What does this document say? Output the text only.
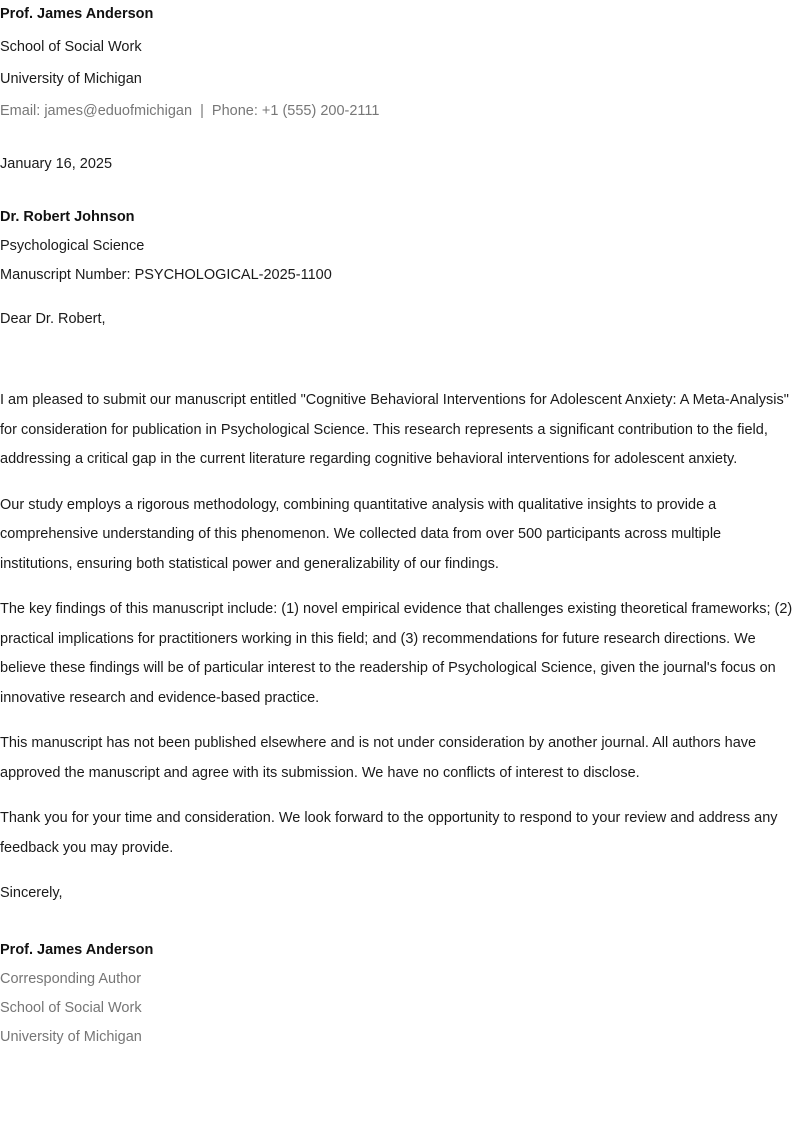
Prof. James Anderson
School of Social Work
University of Michigan
Email: james@eduofmichigan  |  Phone: +1 (555) 200-2111
January 16, 2025
Dr. Robert Johnson
Psychological Science
Manuscript Number: PSYCHOLOGICAL-2025-1100
Dear Dr. Robert,

I am pleased to submit our manuscript entitled "Cognitive Behavioral Interventions for Adolescent Anxiety: A Meta-Analysis" for consideration for publication in Psychological Science. This research represents a significant contribution to the field, addressing a critical gap in the current literature regarding cognitive behavioral interventions for adolescent anxiety.

Our study employs a rigorous methodology, combining quantitative analysis with qualitative insights to provide a comprehensive understanding of this phenomenon. We collected data from over 500 participants across multiple institutions, ensuring both statistical power and generalizability of our findings.

The key findings of this manuscript include: (1) novel empirical evidence that challenges existing theoretical frameworks; (2) practical implications for practitioners working in this field; and (3) recommendations for future research directions. We believe these findings will be of particular interest to the readership of Psychological Science, given the journal's focus on innovative research and evidence-based practice.

This manuscript has not been published elsewhere and is not under consideration by another journal. All authors have approved the manuscript and agree with its submission. We have no conflicts of interest to disclose.

Thank you for your time and consideration. We look forward to the opportunity to respond to your review and address any feedback you may provide.

Sincerely,
Prof. James Anderson
Corresponding Author
School of Social Work
University of Michigan
